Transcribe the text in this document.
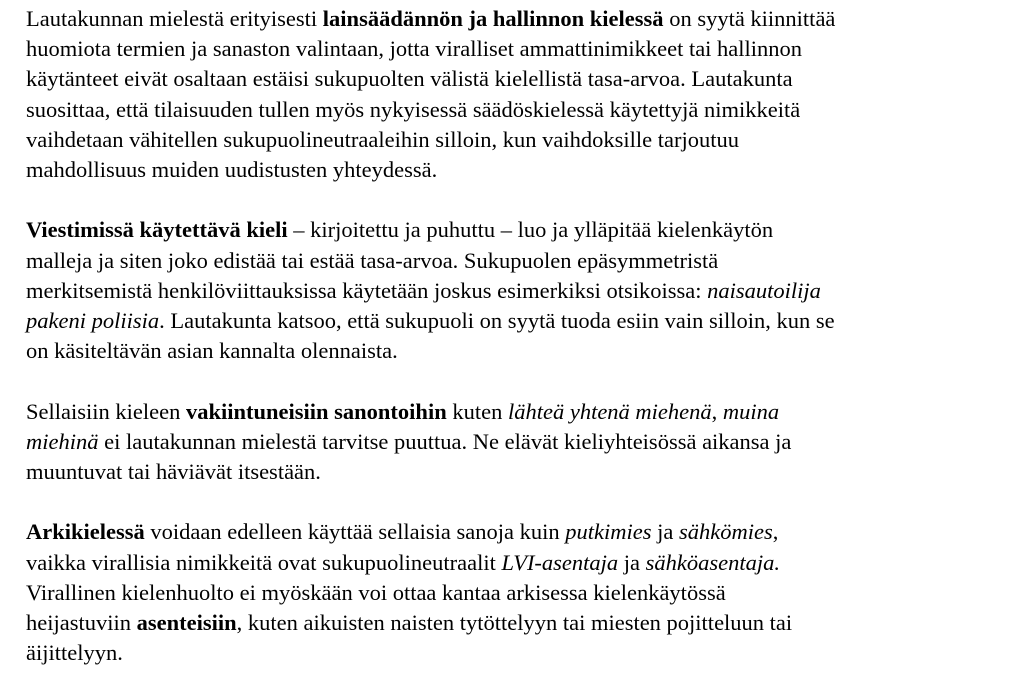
Lautakunnan mielestä erityisesti lainsäädännön ja hallinnon kielessä on syytä kiinnittää
huomiota termien ja sanaston valintaan, jotta viralliset ammattinimikkeet tai hallinnon
käytänteet eivät osaltaan estäisi sukupuolten välistä kielellistä tasa-arvoa. Lautakunta
suosittaa, että tilaisuuden tullen myös nykyisessä säädöskielessä käytettyjä nimikkeitä
vaihdetaan vähitellen sukupuolineutraaleihin silloin, kun vaihdoksille tarjoutuu
mahdollisuus muiden uudistusten yhteydessä.

Viestimissä käytettävä kieli – kirjoitettu ja puhuttu – luo ja ylläpitää kielenkäytön
malleja ja siten joko edistää tai estää tasa-arvoa. Sukupuolen epäsymmetristä
merkitsemistä henkilöviittauksissa käytetään joskus esimerkiksi otsikoissa: naisautoilija
pakeni poliisia. Lautakunta katsoo, että sukupuoli on syytä tuoda esiin vain silloin, kun se
on käsiteltävän asian kannalta olennaista.

Sellaisiin kieleen vakiintuneisiin sanontoihin kuten lähteä yhtenä miehenä, muina
miehinä ei lautakunnan mielestä tarvitse puuttua. Ne elävät kieliyhteisössä aikansa ja
muuntuvat tai häviävät itsestään.

Arkikielessä voidaan edelleen käyttää sellaisia sanoja kuin putkimies ja sähkömies,
vaikka virallisia nimikkeitä ovat sukupuolineutraalit LVI-asentaja ja sähköasentaja.
Virallinen kielenhuolto ei myöskään voi ottaa kantaa arkisessa kielenkäytössä
heijastuviin asenteisiin, kuten aikuisten naisten tytöttelyyn tai miesten pojitteluun tai
äijittelyyn.
